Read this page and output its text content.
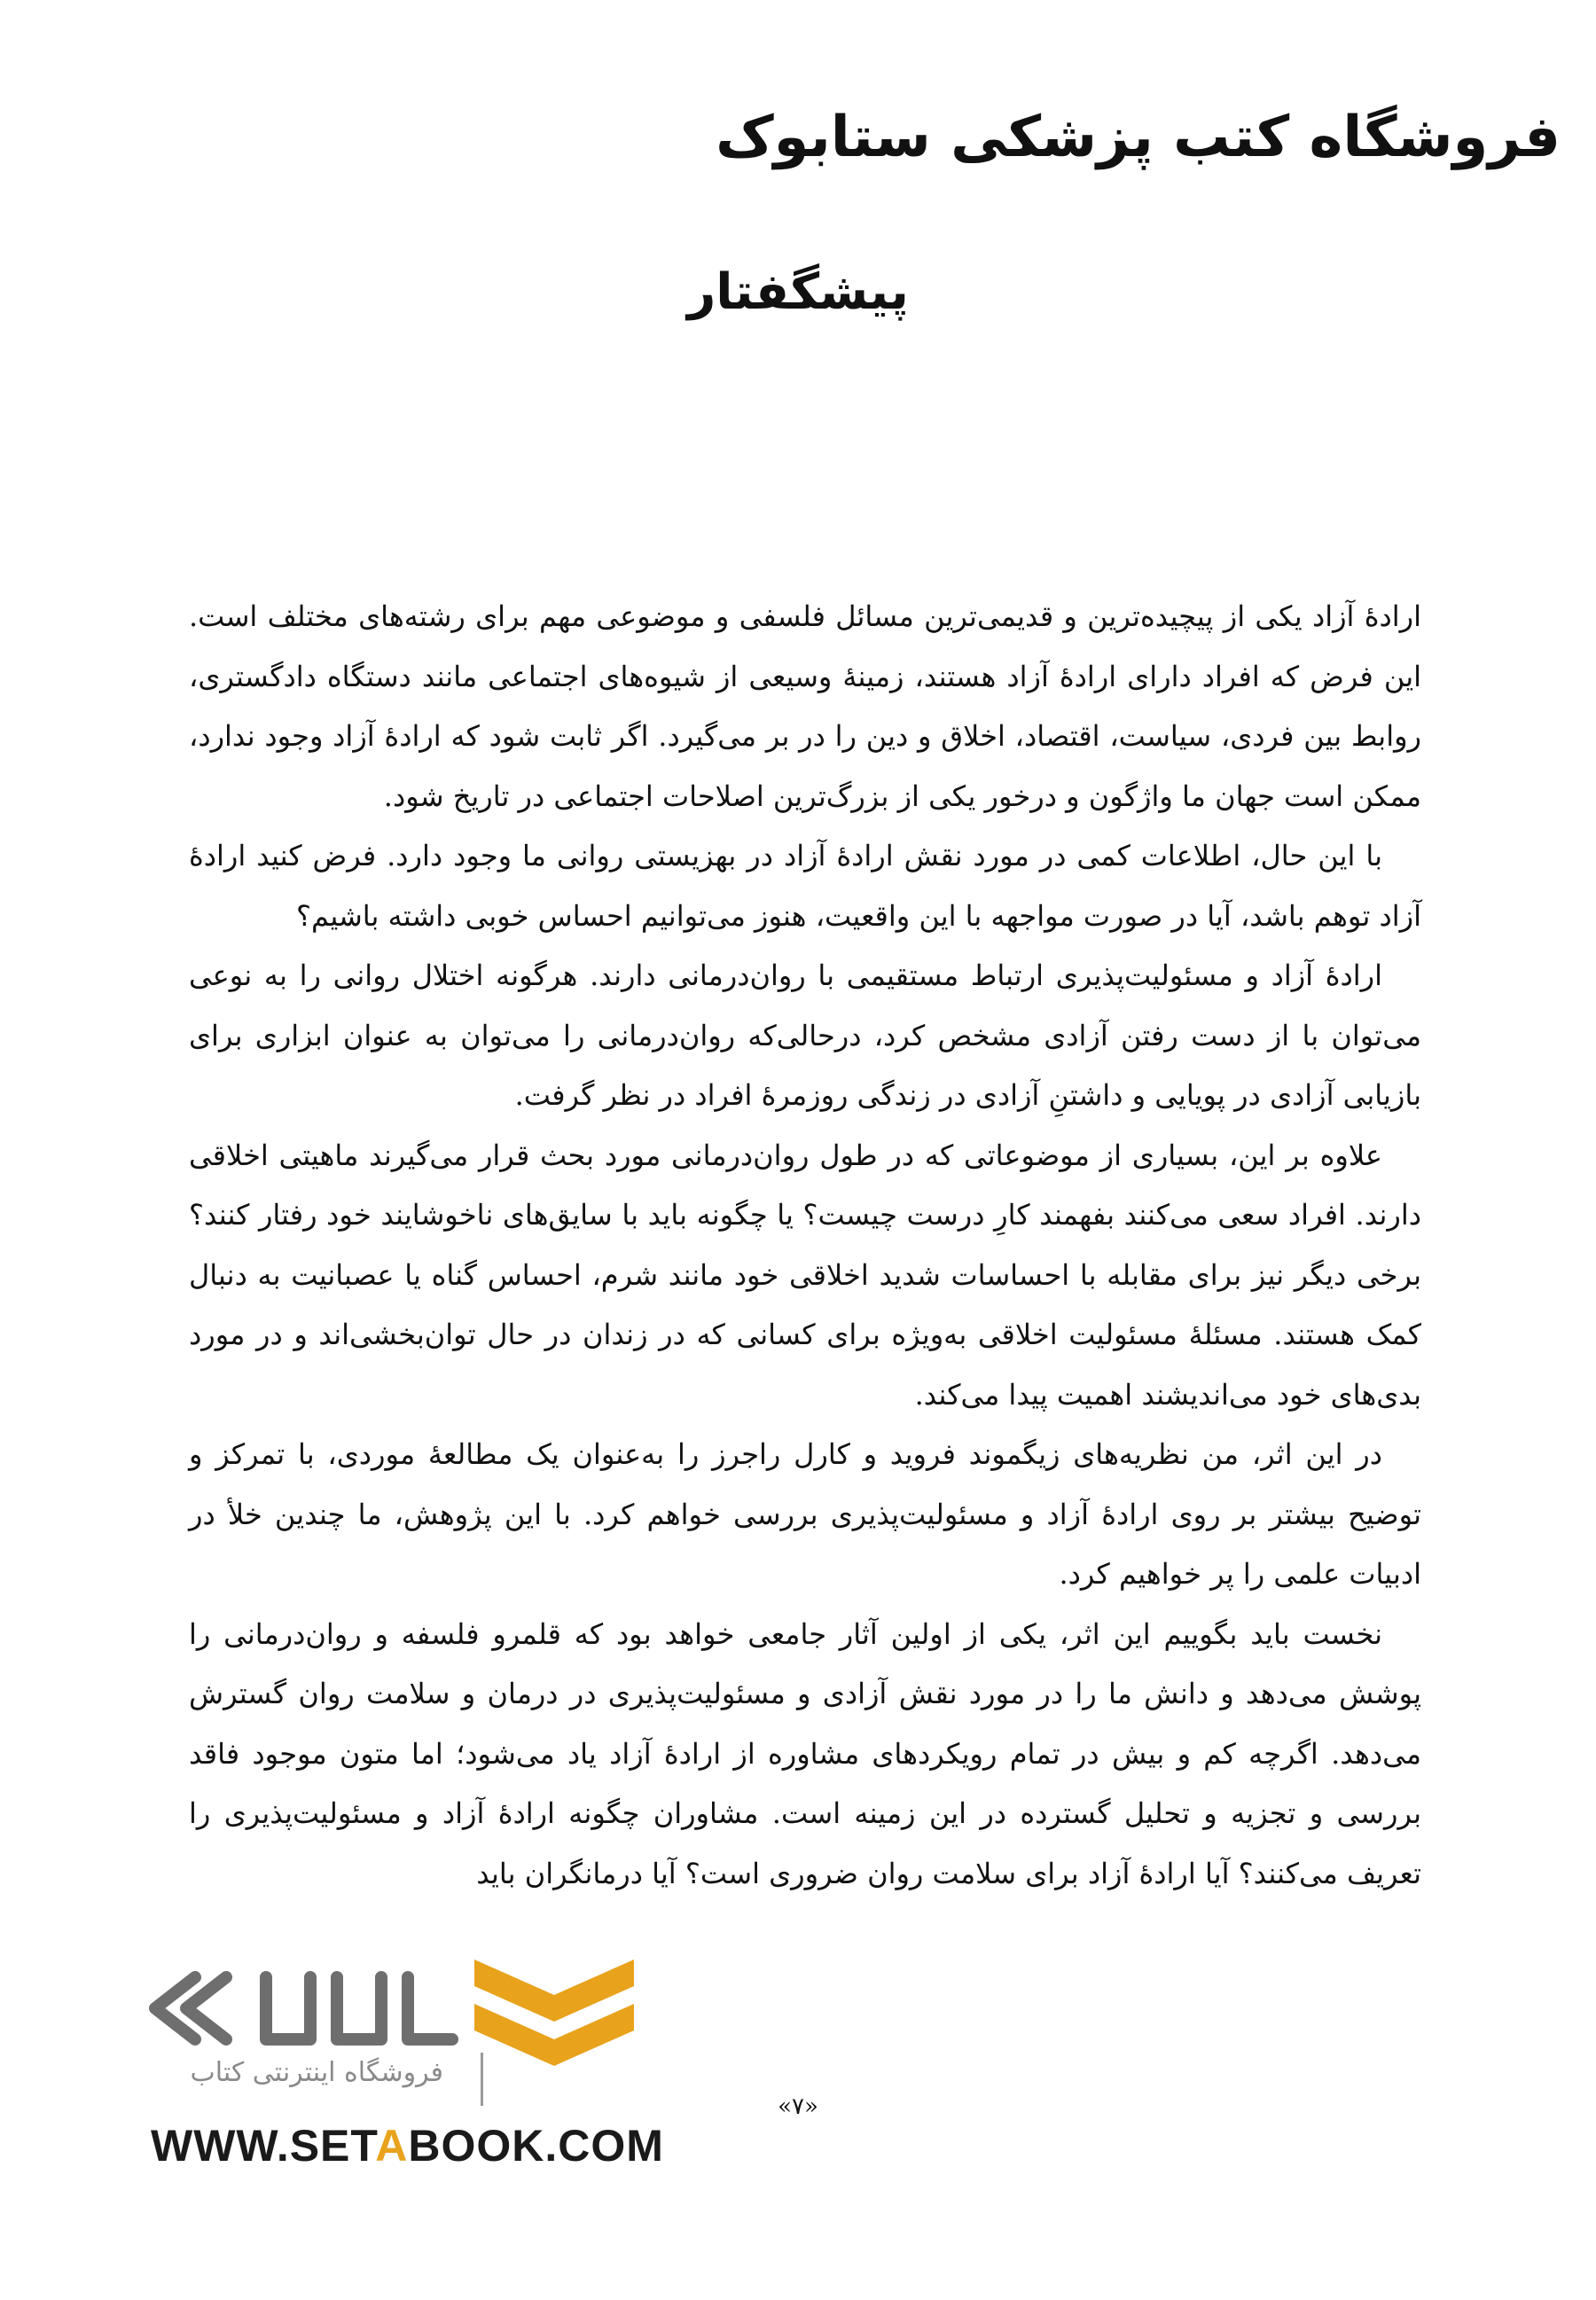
فروشگاه کتب پزشکی ستابوک
پیشگفتار

ارادهٔ آزاد یکی از پیچیده‌ترین و قدیمی‌ترین مسائل فلسفی و موضوعی مهم برای رشته‌های مختلف است. این فرض که افراد دارای ارادهٔ آزاد هستند، زمینهٔ وسیعی از شیوه‌های اجتماعی مانند دستگاه دادگستری، روابط بین فردی، سیاست، اقتصاد، اخلاق و دین را در بر می‌گیرد. اگر ثابت شود که ارادهٔ آزاد وجود ندارد، ممکن است جهان ما واژگون و درخور یکی از بزرگ‌ترین اصلاحات اجتماعی در تاریخ شود.

با این حال، اطلاعات کمی در مورد نقش ارادهٔ آزاد در بهزیستی روانی ما وجود دارد. فرض کنید ارادهٔ آزاد توهم باشد، آیا در صورت مواجهه با این واقعیت، هنوز می‌توانیم احساس خوبی داشته باشیم؟

ارادهٔ آزاد و مسئولیت‌پذیری ارتباط مستقیمی با روان‌درمانی دارند. هرگونه اختلال روانی را به نوعی می‌توان با از دست رفتن آزادی مشخص کرد، درحالی‌که روان‌درمانی را می‌توان به عنوان ابزاری برای بازیابی آزادی در پویایی و داشتنِ آزادی در زندگی روزمرهٔ افراد در نظر گرفت.

علاوه بر این، بسیاری از موضوعاتی که در طول روان‌درمانی مورد بحث قرار می‌گیرند ماهیتی اخلاقی دارند. افراد سعی می‌کنند بفهمند کارِ درست چیست؟ یا چگونه باید با سایق‌های ناخوشایند خود رفتار کنند؟ برخی دیگر نیز برای مقابله با احساسات شدید اخلاقی خود مانند شرم، احساس گناه یا عصبانیت به دنبال کمک هستند. مسئلهٔ مسئولیت اخلاقی به‌ویژه برای کسانی که در زندان در حال توان‌بخشی‌اند و در مورد بدی‌های خود می‌اندیشند اهمیت پیدا می‌کند.

در این اثر، من نظریه‌های زیگموند فروید و کارل راجرز را به‌عنوان یک مطالعهٔ موردی، با تمرکز و توضیح بیشتر بر روی ارادهٔ آزاد و مسئولیت‌پذیری بررسی خواهم کرد. با این پژوهش، ما چندین خلأ در ادبیات علمی را پر خواهیم کرد.

نخست باید بگوییم این اثر، یکی از اولین آثار جامعی خواهد بود که قلمرو فلسفه و روان‌درمانی را پوشش می‌دهد و دانش ما را در مورد نقش آزادی و مسئولیت‌پذیری در درمان و سلامت روان گسترش می‌دهد. اگرچه کم و بیش در تمام رویکردهای مشاوره از ارادهٔ آزاد یاد می‌شود؛ اما متون موجود فاقد بررسی و تجزیه و تحلیل گسترده در این زمینه است. مشاوران چگونه ارادهٔ آزاد و مسئولیت‌پذیری را تعریف می‌کنند؟ آیا ارادهٔ آزاد برای سلامت روان ضروری است؟ آیا درمانگران باید

«۷»
فروشگاه اینترنتی کتاب
WWW.SETABOOK.COM
